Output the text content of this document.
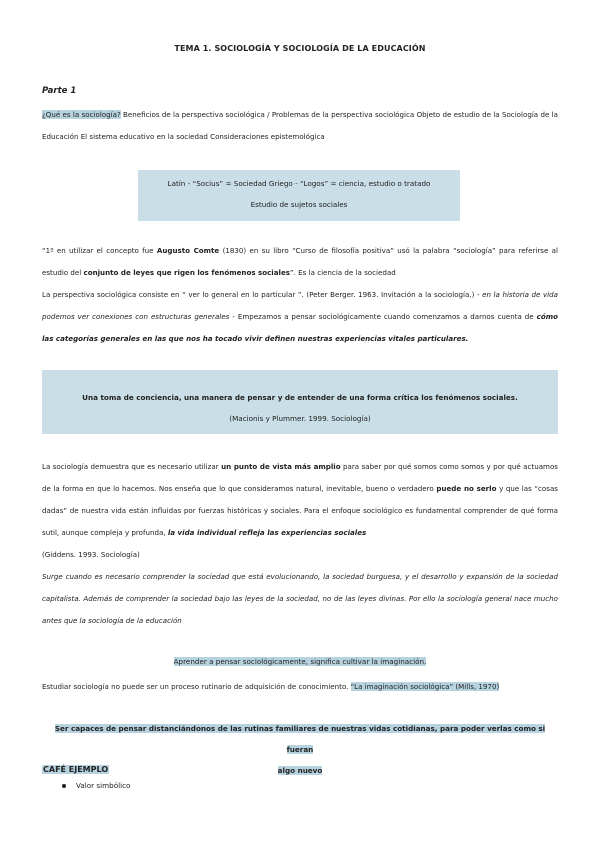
TEMA 1. SOCIOLOGÍA Y SOCIOLOGÍA DE LA EDUCACIÓN
Parte 1
¿Qué es la sociología? Beneficios de la perspectiva sociológica / Problemas de la perspectiva sociológica Objeto de estudio de la Sociología de la Educación El sistema educativo en la sociedad Consideraciones epistemológica
Latín - “Socius” = Sociedad Griego - “Logos” = ciencia, estudio o tratado
Estudio de sujetos sociales
“1º en utilizar el concepto fue Augusto Comte (1830) en su libro “Curso de filosofía positiva” usó la palabra “sociología” para referirse al estudio del conjunto de leyes que rigen los fenómenos sociales”. Es la ciencia de la sociedad
La perspectiva sociológica consiste en “ ver lo general en lo particular ”. (Peter Berger. 1963. Invitación a la sociología.) - en la historia de vida podemos ver conexiones con estructuras generales - Empezamos a pensar sociológicamente cuando comenzamos a darnos cuenta de cómo las categorías generales en las que nos ha tocado vivir definen nuestras experiencias vitales particulares.
Una toma de conciencia, una manera de pensar y de entender de una forma crítica los fenómenos sociales.
(Macionis y Plummer. 1999. Sociología)
La sociología demuestra que es necesario utilizar un punto de vista más amplio para saber por qué somos como somos y por qué actuamos de la forma en que lo hacemos. Nos enseña que lo que consideramos natural, inevitable, bueno o verdadero puede no serlo y que las “cosas dadas” de nuestra vida están influidas por fuerzas históricas y sociales. Para el enfoque sociológico es fundamental comprender de qué forma sutil, aunque compleja y profunda, la vida individual refleja las experiencias sociales
(Giddens. 1993. Sociología)
Surge cuando es necesario comprender la sociedad que está evolucionando, la sociedad burguesa, y el desarrollo y expansión de la sociedad capitalista. Además de comprender la sociedad bajo las leyes de la sociedad, no de las leyes divinas. Por ello la sociología general nace mucho antes que la sociología de la educación
Aprender a pensar sociológicamente, significa cultivar la imaginación.
Estudiar sociología no puede ser un proceso rutinario de adquisición de conocimiento. “La imaginación sociológica” (Mills, 1970)
Ser capaces de pensar distanciándonos de las rutinas familiares de nuestras vidas cotidianas, para poder verlas como si fueran
algo nuevo
CAFÉ EJEMPLO
Valor simbólico
